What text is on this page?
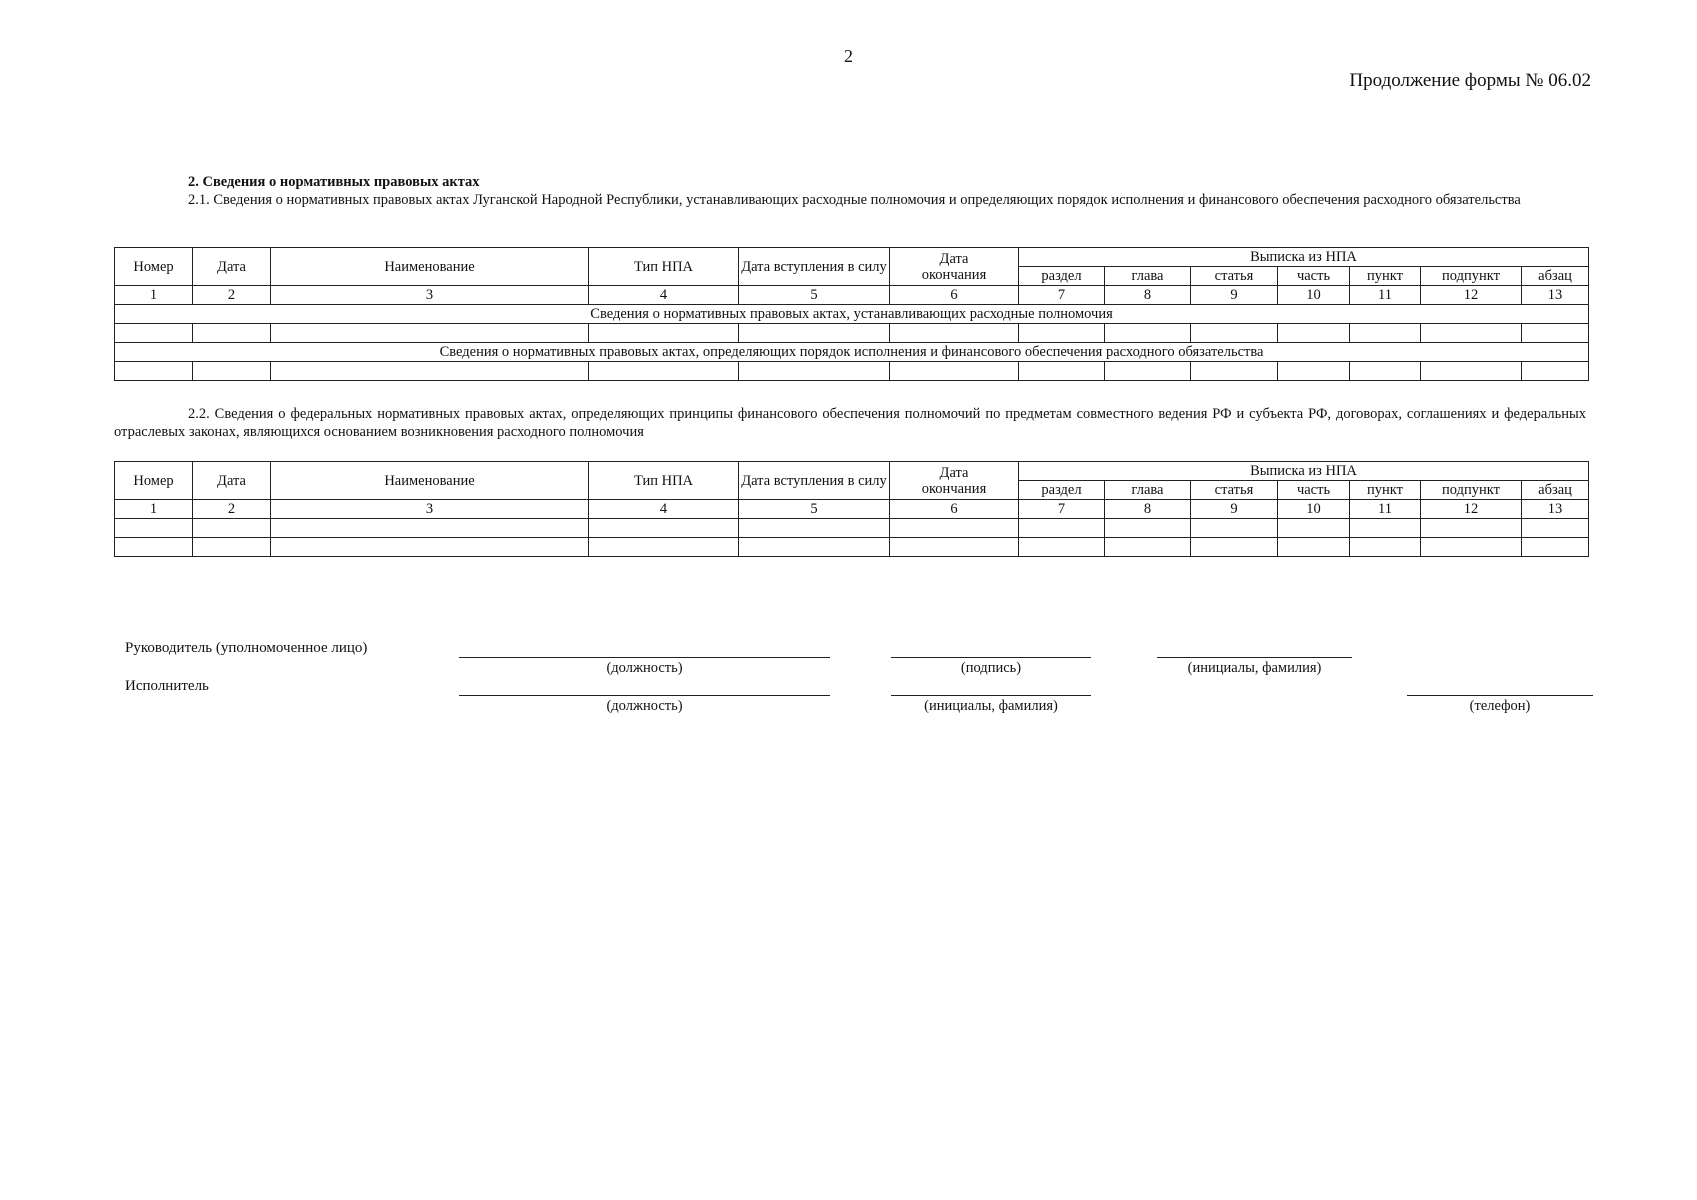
2
Продолжение формы № 06.02
2. Сведения о нормативных правовых актах
2.1. Сведения о нормативных правовых актах Луганской Народной Республики, устанавливающих расходные полномочия и определяющих порядок исполнения и финансового обеспечения расходного обязательства
Номер	Дата	Наименование	Тип НПА	Дата вступления в силу	Дата окончания	Выписка из НПА						
						раздел	глава	статья	часть	пункт	подпункт	абзац
1	2	3	4	5	6	7	8	9	10	11	12	13
Сведения о нормативных правовых актах, устанавливающих расходные полномочия												

Сведения о нормативных правовых актах, определяющих порядок исполнения и финансового обеспечения расходного обязательства												

2.2. Сведения о федеральных нормативных правовых актах, определяющих принципы финансового обеспечения полномочий по предметам совместного ведения РФ и субъекта РФ, договорах, соглашениях и федеральных отраслевых законах, являющихся основанием возникновения расходного полномочия
Номер	Дата	Наименование	Тип НПА	Дата вступления в силу	Дата окончания	Выписка из НПА						
						раздел	глава	статья	часть	пункт	подпункт	абзац
1	2	3	4	5	6	7	8	9	10	11	12	13

Руководитель (уполномоченное лицо)
(должность)	(подпись)	(инициалы, фамилия)
Исполнитель
(должность)	(инициалы, фамилия)	(телефон)
